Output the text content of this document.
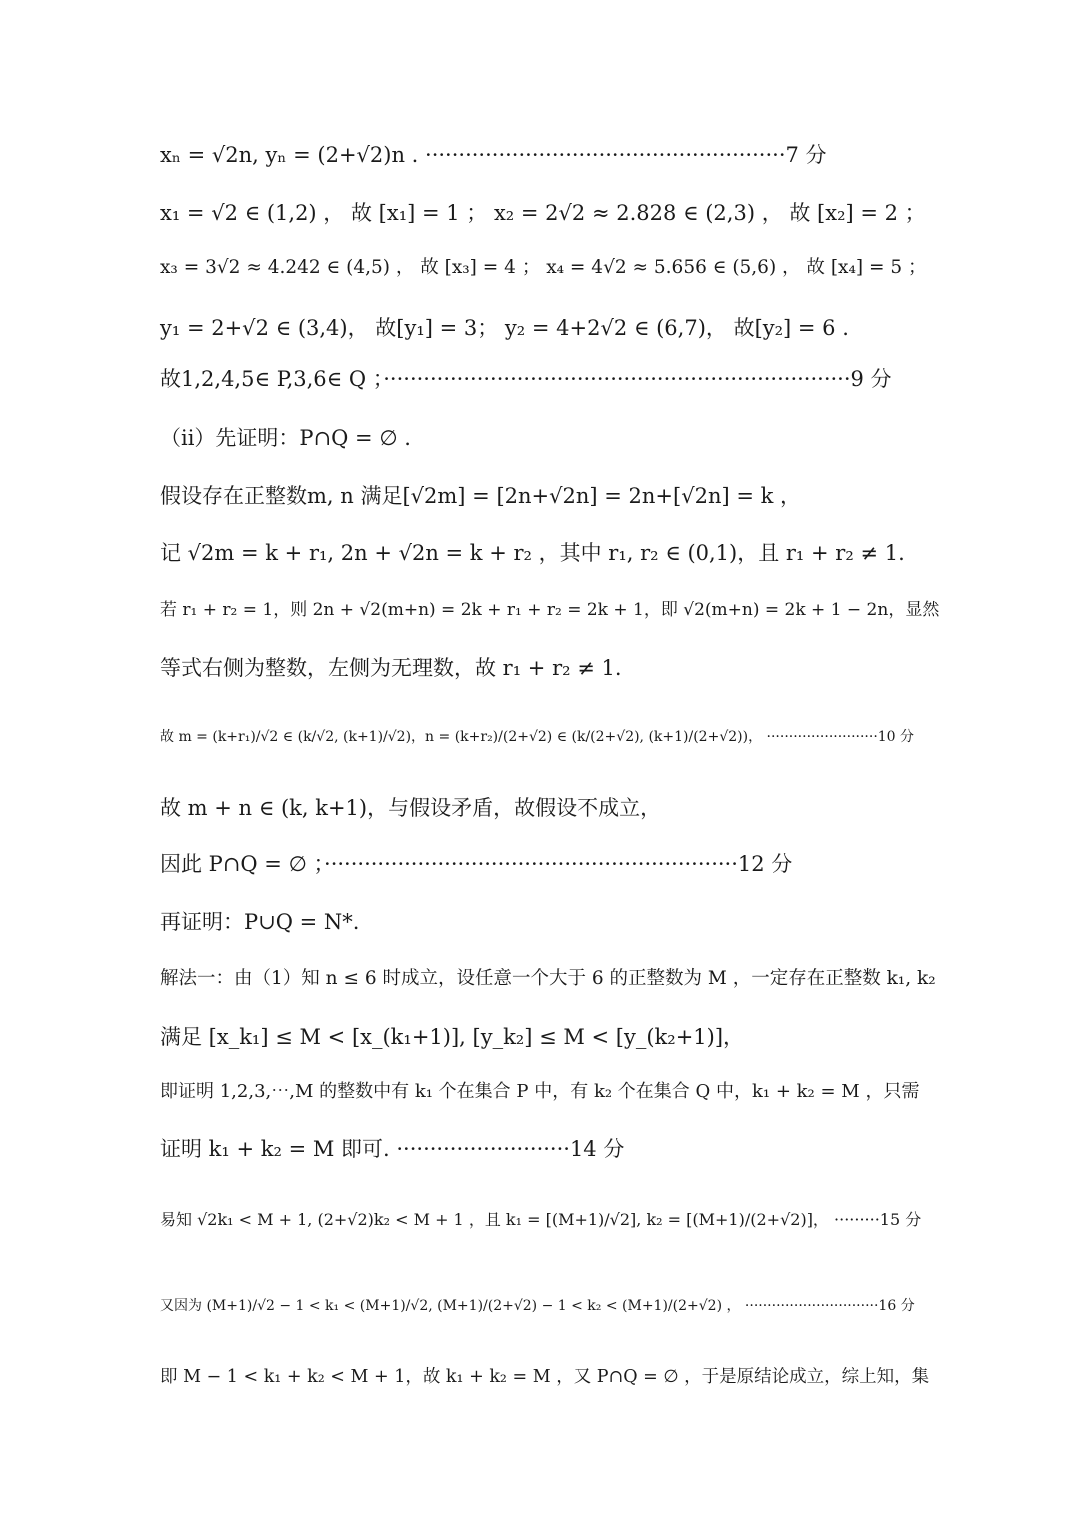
xₙ = √2n, yₙ = (2+√2)n . ······················································7 分
x₁ = √2 ∈ (1,2) ， 故 [x₁] = 1 ； x₂ = 2√2 ≈ 2.828 ∈ (2,3) ， 故 [x₂] = 2 ；
x₃ = 3√2 ≈ 4.242 ∈ (4,5) ， 故 [x₃] = 4 ； x₄ = 4√2 ≈ 5.656 ∈ (5,6) ， 故 [x₄] = 5 ；
y₁ = 2+√2 ∈ (3,4)， 故[y₁] = 3； y₂ = 4+2√2 ∈ (6,7)， 故[y₂] = 6 .
故1,2,4,5∈ P,3,6∈ Q ；······································································9 分
（ii）先证明：P∩Q = ∅ .
假设存在正整数m, n 满足[√2m] = [2n+√2n] = 2n+[√2n] = k ，
记 √2m = k + r₁, 2n + √2n = k + r₂ ，其中 r₁, r₂ ∈ (0,1)，且 r₁ + r₂ ≠ 1.
若 r₁ + r₂ = 1，则 2n + √2(m+n) = 2k + r₁ + r₂ = 2k + 1，即 √2(m+n) = 2k + 1 − 2n，显然
等式右侧为整数，左侧为无理数，故 r₁ + r₂ ≠ 1.
故 m = (k+r₁)/√2 ∈ (k/√2, (k+1)/√2)，n = (k+r₂)/(2+√2) ∈ (k/(2+√2), (k+1)/(2+√2))， ·························10 分
故 m + n ∈ (k, k+1)，与假设矛盾，故假设不成立，
因此 P∩Q = ∅ ；······························································12 分
再证明：P∪Q = N*.
解法一：由（1）知 n ≤ 6 时成立，设任意一个大于 6 的正整数为 M ，一定存在正整数 k₁, k₂
满足 [x_k₁] ≤ M < [x_(k₁+1)], [y_k₂] ≤ M < [y_(k₂+1)]，
即证明 1,2,3,⋯,M 的整数中有 k₁ 个在集合 P 中，有 k₂ 个在集合 Q 中，k₁ + k₂ = M ，只需
证明 k₁ + k₂ = M 即可. ··························14 分
易知 √2k₁ < M + 1, (2+√2)k₂ < M + 1 ，且 k₁ = [(M+1)/√2], k₂ = [(M+1)/(2+√2)]， ·········15 分
又因为 (M+1)/√2 − 1 < k₁ < (M+1)/√2, (M+1)/(2+√2) − 1 < k₂ < (M+1)/(2+√2) ， ······························16 分
即 M − 1 < k₁ + k₂ < M + 1，故 k₁ + k₂ = M ，又 P∩Q = ∅ ，于是原结论成立，综上知，集
